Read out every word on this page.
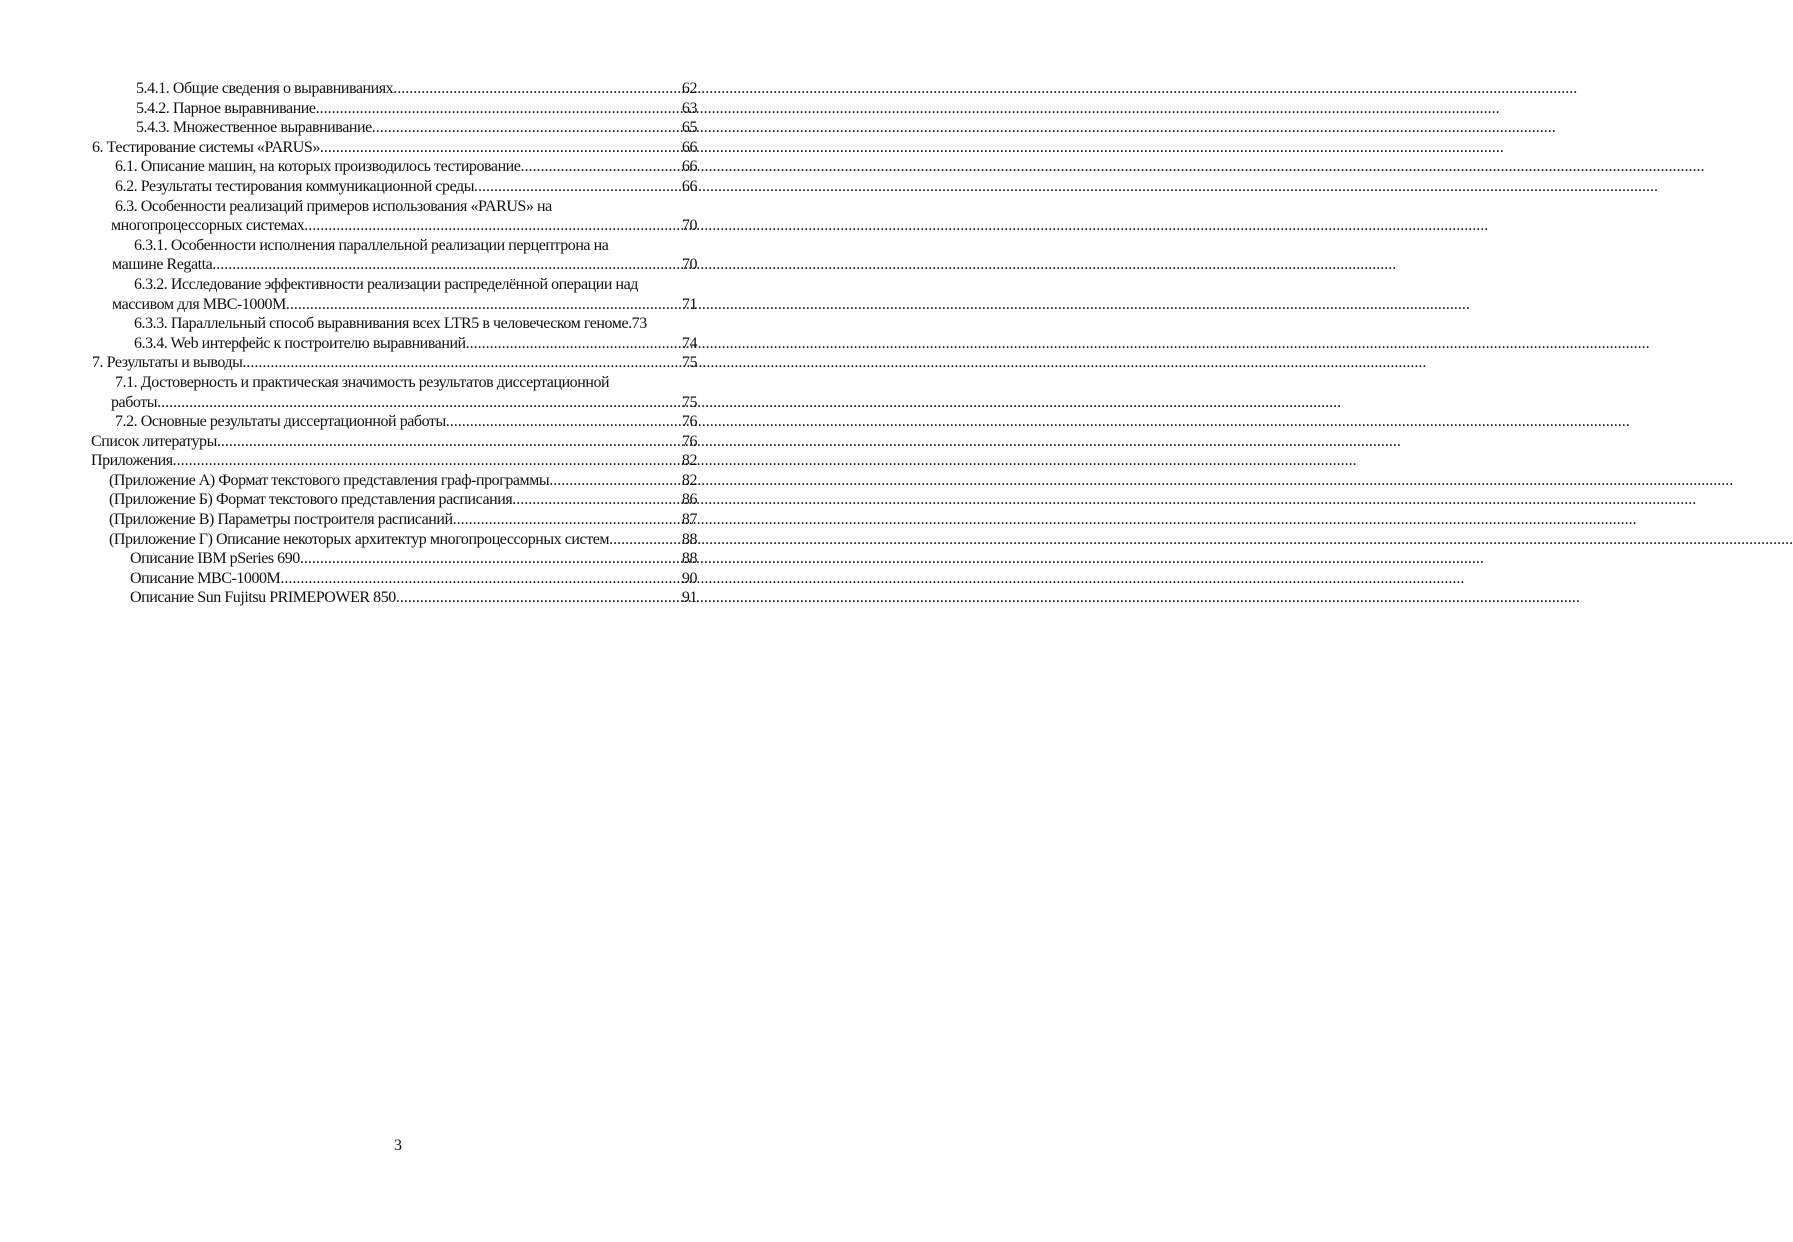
5.4.1. Общие сведения о выравниваниях .....	62
5.4.2. Парное выравнивание .....	63
5.4.3. Множественное выравнивание .....	65
6. Тестирование системы «PARUS» .....	66
6.1. Описание машин, на которых производилось тестирование .....	66
6.2. Результаты тестирования коммуникационной среды .....	66
6.3. Особенности реализаций примеров использования «PARUS» на
многопроцессорных системах .....	70
6.3.1. Особенности исполнения параллельной реализации перцептрона на
машине Regatta .....	70
6.3.2. Исследование эффективности реализации распределённой операции над
массивом для МВС-1000М .....	71
6.3.3. Параллельный способ выравнивания всех LTR5 в человеческом геноме. 73
6.3.4. Web интерфейс к построителю выравниваний .....	74
7. Результаты и выводы .....	75
7.1. Достоверность и практическая значимость результатов диссертационной
работы .....	75
7.2. Основные результаты диссертационной работы .....	76
Список литературы .....	76
Приложения .....	82
(Приложение А) Формат текстового представления граф-программы .....	82
(Приложение Б) Формат текстового представления расписания .....	86
(Приложение В) Параметры построителя расписаний .....	87
(Приложение Г) Описание некоторых архитектур многопроцессорных систем .....	88
Описание IBM pSeries 690 .....	88
Описание МВС-1000М .....	90
Описание Sun Fujitsu PRIMEPOWER 850 .....	91
3
